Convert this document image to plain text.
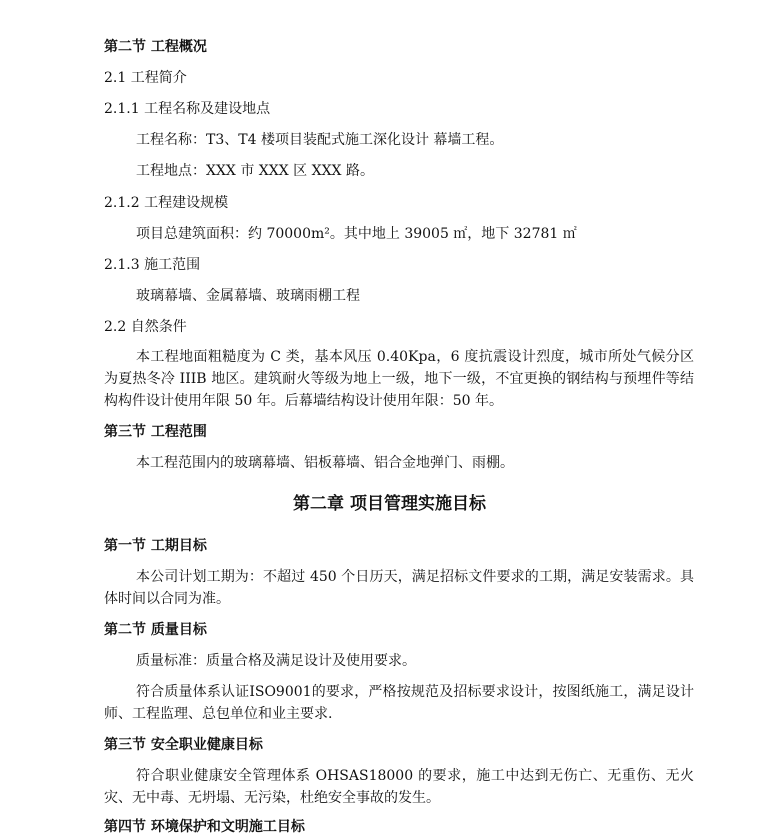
第二节 工程概况
2.1 工程简介
2.1.1 工程名称及建设地点
工程名称：T3、T4 楼项目装配式施工深化设计 幕墙工程。
工程地点：XXX 市 XXX 区 XXX 路。
2.1.2 工程建设规模
项目总建筑面积：约 70000m²。其中地上 39005 ㎡，地下 32781 ㎡
2.1.3 施工范围
玻璃幕墙、金属幕墙、玻璃雨棚工程
2.2 自然条件
本工程地面粗糙度为 C 类，基本风压 0.40Kpa，6 度抗震设计烈度，城市所处气候分区为夏热冬冷 IIIB 地区。建筑耐火等级为地上一级，地下一级，不宜更换的钢结构与预埋件等结构构件设计使用年限 50 年。后幕墙结构设计使用年限：50 年。
第三节 工程范围
本工程范围内的玻璃幕墙、铝板幕墙、铝合金地弹门、雨棚。
第二章 项目管理实施目标
第一节 工期目标
本公司计划工期为：不超过 450 个日历天，满足招标文件要求的工期，满足安装需求。具体时间以合同为准。
第二节 质量目标
质量标准：质量合格及满足设计及使用要求。
符合质量体系认证ISO9001的要求，严格按规范及招标要求设计，按图纸施工，满足设计师、工程监理、总包单位和业主要求.
第三节 安全职业健康目标
符合职业健康安全管理体系 OHSAS18000 的要求，施工中达到无伤亡、无重伤、无火灾、无中毒、无坍塌、无污染，杜绝安全事故的发生。
第四节 环境保护和文明施工目标
